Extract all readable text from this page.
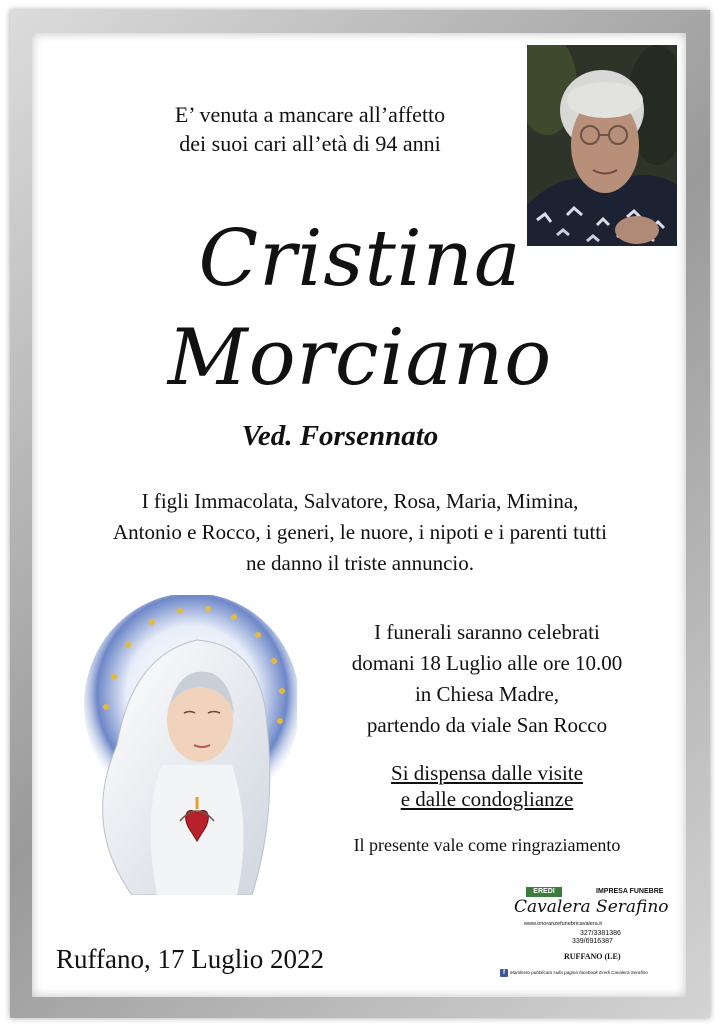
E’ venuta a mancare all’affetto
dei suoi cari all’età di 94 anni
Cristina
Morciano
Ved. Forsennato
I figli Immacolata, Salvatore, Rosa, Maria, Mimina,
Antonio e Rocco, i generi, le nuore, i nipoti e i parenti tutti
ne danno il triste annuncio.
I funerali saranno celebrati
domani 18 Luglio alle ore 10.00
in Chiesa Madre,
partendo da viale San Rocco
Si dispensa dalle visite
e dalle condoglianze
Il presente vale come ringraziamento
Ruffano, 17 Luglio 2022
EREDI	IMPRESA FUNEBRE
Cavalera Serafino
www.onoranzefunebricavalera.it
327/3381386
339/6916387
RUFFANO (LE)
f	Manifesto pubblicato sulla pagina facebook Eredi Cavalera Serafino
